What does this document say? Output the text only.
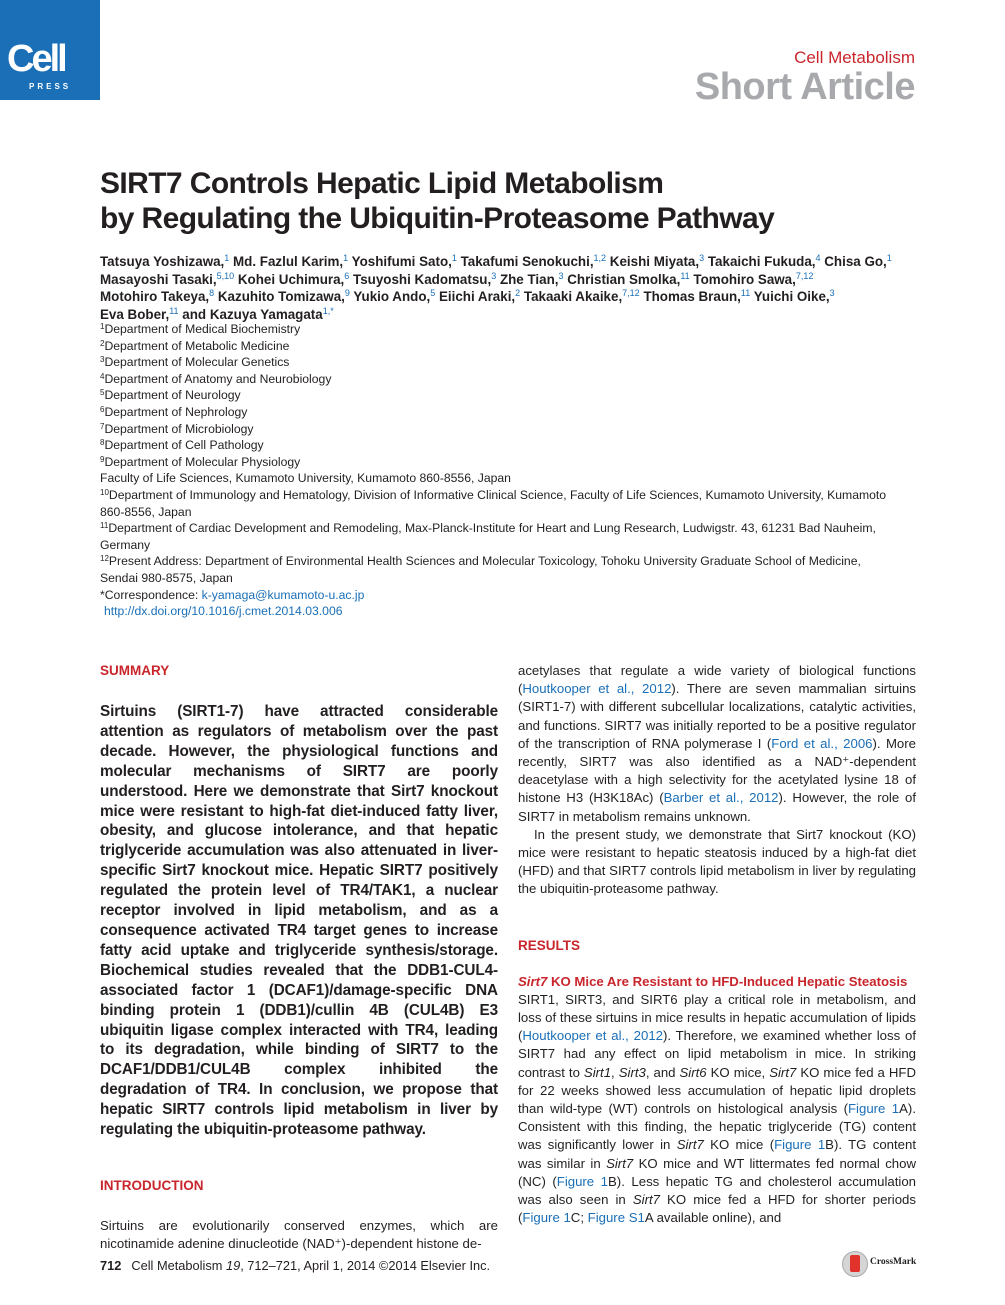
Cell
PRESS
Cell Metabolism
Short Article
SIRT7 Controls Hepatic Lipid Metabolism
by Regulating the Ubiquitin-Proteasome Pathway

Tatsuya Yoshizawa,$^1$ Md. Fazlul Karim,$^1$ Yoshifumi Sato,$^1$ Takafumi Senokuchi,$^{1,2}$ Keishi Miyata,$^3$ Takaichi Fukuda,$^4$ Chisa Go,$^1$ Masayoshi Tasaki,$^{5,10}$ Kohei Uchimura,$^6$ Tsuyoshi Kadomatsu,$^3$ Zhe Tian,$^3$ Christian Smolka,$^{11}$ Tomohiro Sawa,$^{7,12}$ Motohiro Takeya,$^8$ Kazuhito Tomizawa,$^9$ Yukio Ando,$^5$ Eiichi Araki,$^2$ Takaaki Akaike,$^{7,12}$ Thomas Braun,$^{11}$ Yuichi Oike,$^3$ Eva Bober,$^{11}$ and Kazuya Yamagata$^{1,*}$

$^1$Department of Medical Biochemistry
$^2$Department of Metabolic Medicine
$^3$Department of Molecular Genetics
$^4$Department of Anatomy and Neurobiology
$^5$Department of Neurology
$^6$Department of Nephrology
$^7$Department of Microbiology
$^8$Department of Cell Pathology
$^9$Department of Molecular Physiology
Faculty of Life Sciences, Kumamoto University, Kumamoto 860-8556, Japan
$^{10}$Department of Immunology and Hematology, Division of Informative Clinical Science, Faculty of Life Sciences, Kumamoto University, Kumamoto 860-8556, Japan
$^{11}$Department of Cardiac Development and Remodeling, Max-Planck-Institute for Heart and Lung Research, Ludwigstr. 43, 61231 Bad Nauheim, Germany
$^{12}$Present Address: Department of Environmental Health Sciences and Molecular Toxicology, Tohoku University Graduate School of Medicine, Sendai 980-8575, Japan
*Correspondence: k-yamaga@kumamoto-u.ac.jp
http://dx.doi.org/10.1016/j.cmet.2014.03.006
SUMMARY

Sirtuins (SIRT1-7) have attracted considerable attention as regulators of metabolism over the past decade. However, the physiological functions and molecular mechanisms of SIRT7 are poorly understood. Here we demonstrate that Sirt7 knockout mice were resistant to high-fat diet-induced fatty liver, obesity, and glucose intolerance, and that hepatic triglyceride accumulation was also attenuated in liver-specific Sirt7 knockout mice. Hepatic SIRT7 positively regulated the protein level of TR4/TAK1, a nuclear receptor involved in lipid metabolism, and as a consequence activated TR4 target genes to increase fatty acid uptake and triglyceride synthesis/storage. Biochemical studies revealed that the DDB1-CUL4-associated factor 1 (DCAF1)/damage-specific DNA binding protein 1 (DDB1)/cullin 4B (CUL4B) E3 ubiquitin ligase complex interacted with TR4, leading to its degradation, while binding of SIRT7 to the DCAF1/DDB1/CUL4B complex inhibited the degradation of TR4. In conclusion, we propose that hepatic SIRT7 controls lipid metabolism in liver by regulating the ubiquitin-proteasome pathway.

INTRODUCTION

Sirtuins are evolutionarily conserved enzymes, which are nicotinamide adenine dinucleotide (NAD⁺)-dependent histone de-

acetylases that regulate a wide variety of biological functions (Houtkooper et al., 2012). There are seven mammalian sirtuins (SIRT1-7) with different subcellular localizations, catalytic activities, and functions. SIRT7 was initially reported to be a positive regulator of the transcription of RNA polymerase I (Ford et al., 2006). More recently, SIRT7 was also identified as a NAD⁺-dependent deacetylase with a high selectivity for the acetylated lysine 18 of histone H3 (H3K18Ac) (Barber et al., 2012). However, the role of SIRT7 in metabolism remains unknown.

In the present study, we demonstrate that Sirt7 knockout (KO) mice were resistant to hepatic steatosis induced by a high-fat diet (HFD) and that SIRT7 controls lipid metabolism in liver by regulating the ubiquitin-proteasome pathway.

RESULTS
Sirt7 KO Mice Are Resistant to HFD-Induced Hepatic Steatosis

SIRT1, SIRT3, and SIRT6 play a critical role in metabolism, and loss of these sirtuins in mice results in hepatic accumulation of lipids (Houtkooper et al., 2012). Therefore, we examined whether loss of SIRT7 had any effect on lipid metabolism in mice. In striking contrast to Sirt1, Sirt3, and Sirt6 KO mice, Sirt7 KO mice fed a HFD for 22 weeks showed less accumulation of hepatic lipid droplets than wild-type (WT) controls on histological analysis (Figure 1A). Consistent with this finding, the hepatic triglyceride (TG) content was significantly lower in Sirt7 KO mice (Figure 1B). TG content was similar in Sirt7 KO mice and WT littermates fed normal chow (NC) (Figure 1B). Less hepatic TG and cholesterol accumulation was also seen in Sirt7 KO mice fed a HFD for shorter periods (Figure 1C; Figure S1A available online), and

712 Cell Metabolism 19, 712–721, April 1, 2014 ©2014 Elsevier Inc.	CrossMark
